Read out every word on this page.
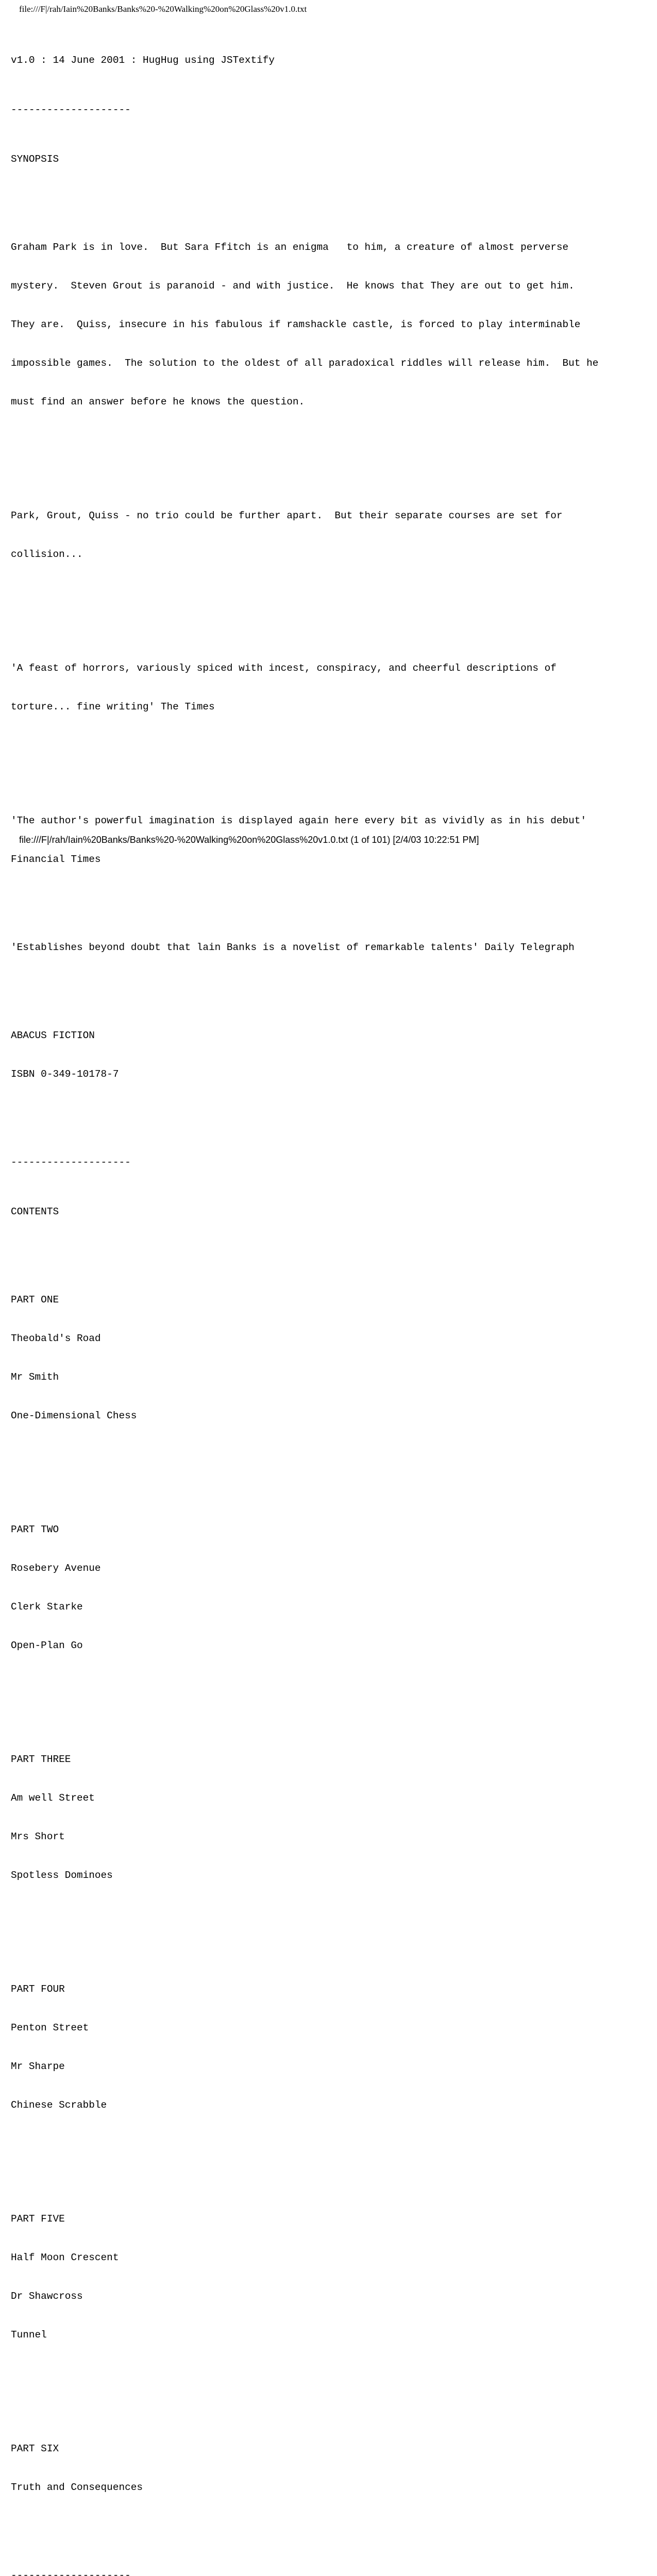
file:///F|/rah/Iain%20Banks/Banks%20-%20Walking%20on%20Glass%20v1.0.txt

v1.0 : 14 June 2001 : HugHug using JSTextify

--------------------

SYNOPSIS

Graham Park is in love.  But Sara Ffitch is an enigma   to him, a creature of almost perverse

mystery.  Steven Grout is paranoid - and with justice.  He knows that They are out to get him.

They are.  Quiss, insecure in his fabulous if ramshackle castle, is forced to play interminable

impossible games.  The solution to the oldest of all paradoxical riddles will release him.  But he

must find an answer before he knows the question.

Park, Grout, Quiss - no trio could be further apart.  But their separate courses are set for

collision...

'A feast of horrors, variously spiced with incest, conspiracy, and cheerful descriptions of

torture... fine writing' The Times

'The author's powerful imagination is displayed again here every bit as vividly as in his debut'

Financial Times

'Establishes beyond doubt that lain Banks is a novelist of remarkable talents' Daily Telegraph

ABACUS FICTION

ISBN 0-349-10178-7

--------------------

CONTENTS

PART ONE

Theobald's Road

Mr Smith

One-Dimensional Chess

PART TWO

Rosebery Avenue

Clerk Starke

Open-Plan Go

PART THREE

Am well Street

Mrs Short

Spotless Dominoes

PART FOUR

Penton Street

Mr Sharpe

Chinese Scrabble

PART FIVE

Half Moon Crescent

Dr Shawcross

Tunnel

PART SIX

Truth and Consequences

--------------------

file:///F|/rah/Iain%20Banks/Banks%20-%20Walking%20on%20Glass%20v1.0.txt (1 of 101) [2/4/03 10:22:51 PM]
